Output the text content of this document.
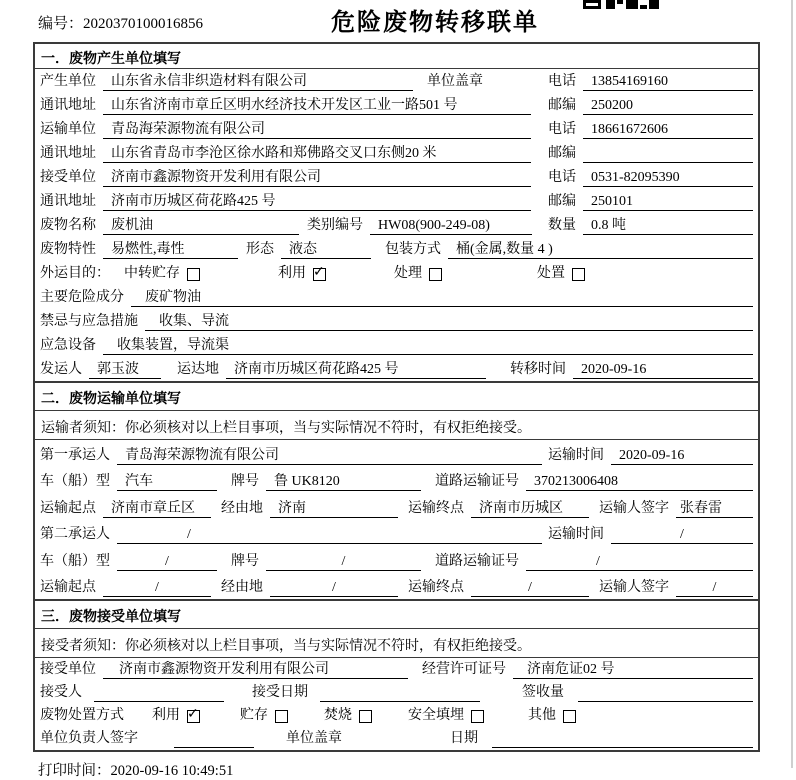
编号：2020370100016856	危险废物转移联单
一．废物产生单位填写
产生单位	山东省永信非织造材料有限公司	单位盖章	电话	13854169160
通讯地址	山东省济南市章丘区明水经济技术开发区工业一路501 号	邮编	250200
运输单位	青岛海荣源物流有限公司	电话	18661672606
通讯地址	山东省青岛市李沧区徐水路和郑佛路交叉口东侧20 米	邮编
接受单位	济南市鑫源物资开发利用有限公司	电话	0531-82095390
通讯地址	济南市历城区荷花路425 号	邮编	250101
废物名称	废机油	类别编号	HW08(900-249-08)	数量	0.8 吨
废物特性	易燃性,毒性	形态	液态	包装方式	桶(金属,数量 4 )
外运目的： 中转贮存	利用 ✓	处理	处置
主要危险成分	废矿物油
禁忌与应急措施	收集、导流
应急设备	收集装置，导流渠
发运人	郭玉波	运达地	济南市历城区荷花路425 号	转移时间	2020-09-16
二．废物运输单位填写
运输者须知：你必须核对以上栏目事项，当与实际情况不符时，有权拒绝接受。
第一承运人	青岛海荣源物流有限公司	运输时间	2020-09-16
车（船）型	汽车	牌号	鲁 UK8120	道路运输证号	370213006408
运输起点	济南市章丘区	经由地	济南	运输终点	济南市历城区	运输人签字 张春雷
第二承运人	/	运输时间	/
车（船）型	/	牌号	/	道路运输证号	/
运输起点	/	经由地	/	运输终点	/	运输人签字	/
三．废物接受单位填写
接受者须知：你必须核对以上栏目事项，当与实际情况不符时，有权拒绝接受。
接受单位	济南市鑫源物资开发利用有限公司	经营许可证号	济南危证02 号
接受人	接受日期	签收量
废物处置方式 利用 ✓	贮存	焚烧	安全填埋	其他
单位负责人签字	单位盖章	日期
打印时间：2020-09-16 10:49:51
